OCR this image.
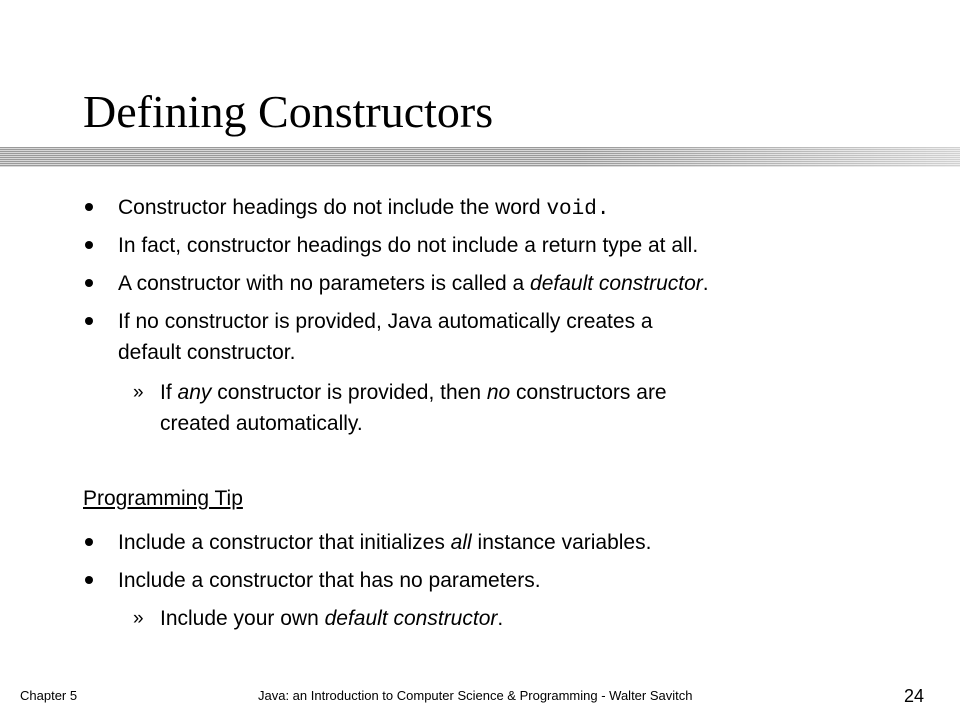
Defining Constructors
Constructor headings do not include the word void.
In fact, constructor headings do not include a return type at all.
A constructor with no parameters is called a default constructor.
If no constructor is provided, Java automatically creates a
default constructor.
» If any constructor is provided, then no constructors are
created automatically.
Programming Tip
Include a constructor that initializes all instance variables.
Include a constructor that has no parameters.
» Include your own default constructor.
Chapter 5	Java: an Introduction to Computer Science & Programming - Walter Savitch	24
